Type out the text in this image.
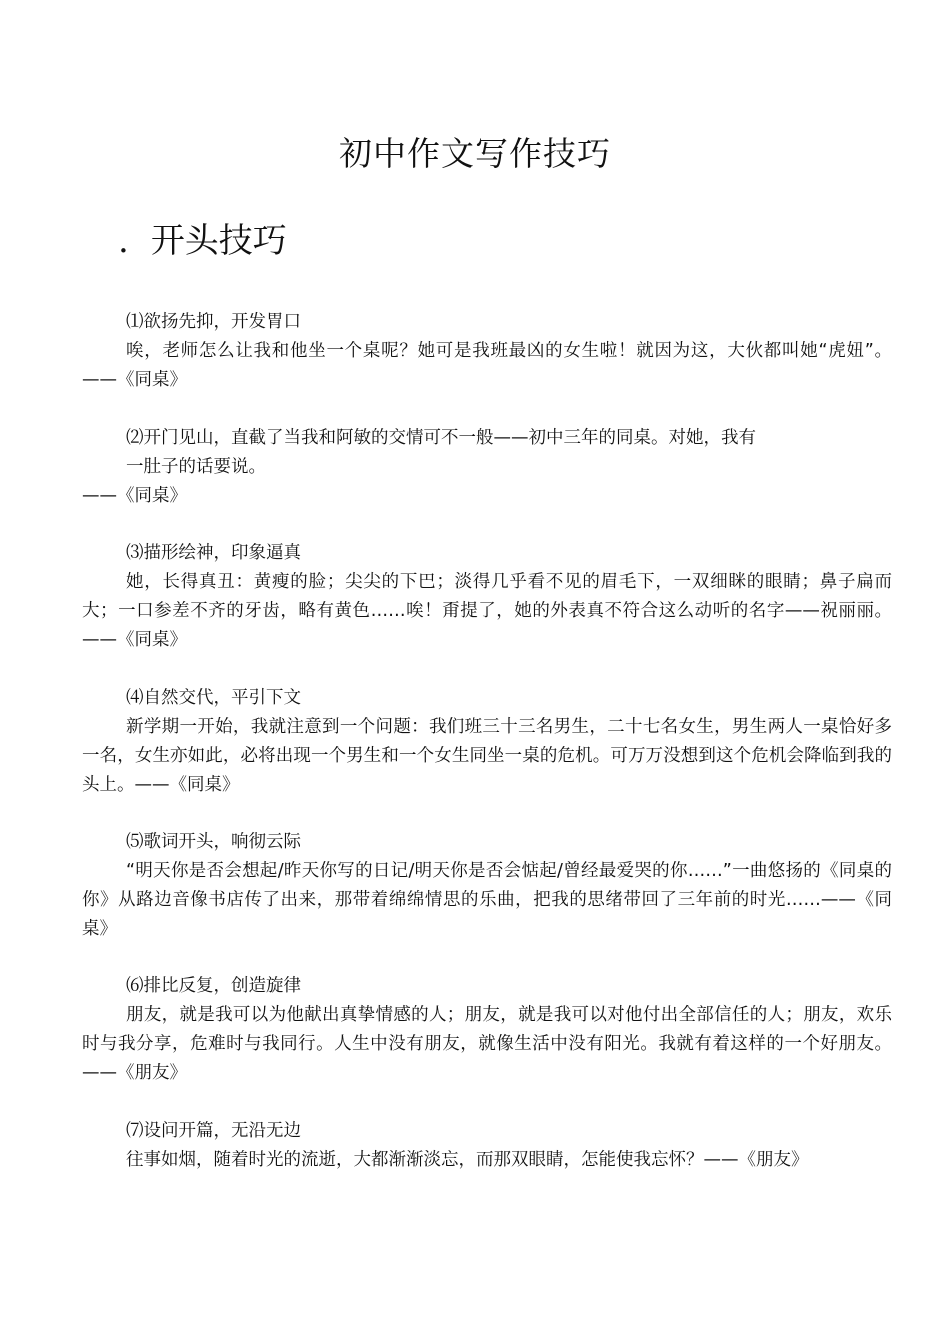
初中作文写作技巧
. 开头技巧
⑴欲扬先抑，开发胃口
唉，老师怎么让我和他坐一个桌呢？她可是我班最凶的女生啦！就因为这，大伙都叫她“虎妞”。——《同桌》
⑵开门见山，直截了当我和阿敏的交情可不一般——初中三年的同桌。对她，我有
一肚子的话要说。
——《同桌》
⑶描形绘神，印象逼真
她，长得真丑：黄瘦的脸；尖尖的下巴；淡得几乎看不见的眉毛下，一双细眯的眼睛；鼻子扁而大；一口参差不齐的牙齿，略有黄色……唉！甭提了，她的外表真不符合这么动听的名字——祝丽丽。——《同桌》
⑷自然交代，平引下文
新学期一开始，我就注意到一个问题：我们班三十三名男生，二十七名女生，男生两人一桌恰好多一名，女生亦如此，必将出现一个男生和一个女生同坐一桌的危机。可万万没想到这个危机会降临到我的头上。——《同桌》
⑸歌词开头，响彻云际
“明天你是否会想起/昨天你写的日记/明天你是否会惦起/曾经最爱哭的你……”一曲悠扬的《同桌的你》从路边音像书店传了出来，那带着绵绵情思的乐曲，把我的思绪带回了三年前的时光……——《同桌》
⑹排比反复，创造旋律
朋友，就是我可以为他献出真挚情感的人；朋友，就是我可以对他付出全部信任的人；朋友，欢乐时与我分享，危难时与我同行。人生中没有朋友，就像生活中没有阳光。我就有着这样的一个好朋友。——《朋友》
⑺设问开篇，无沿无边
往事如烟，随着时光的流逝，大都渐渐淡忘，而那双眼睛，怎能使我忘怀？——《朋友》
